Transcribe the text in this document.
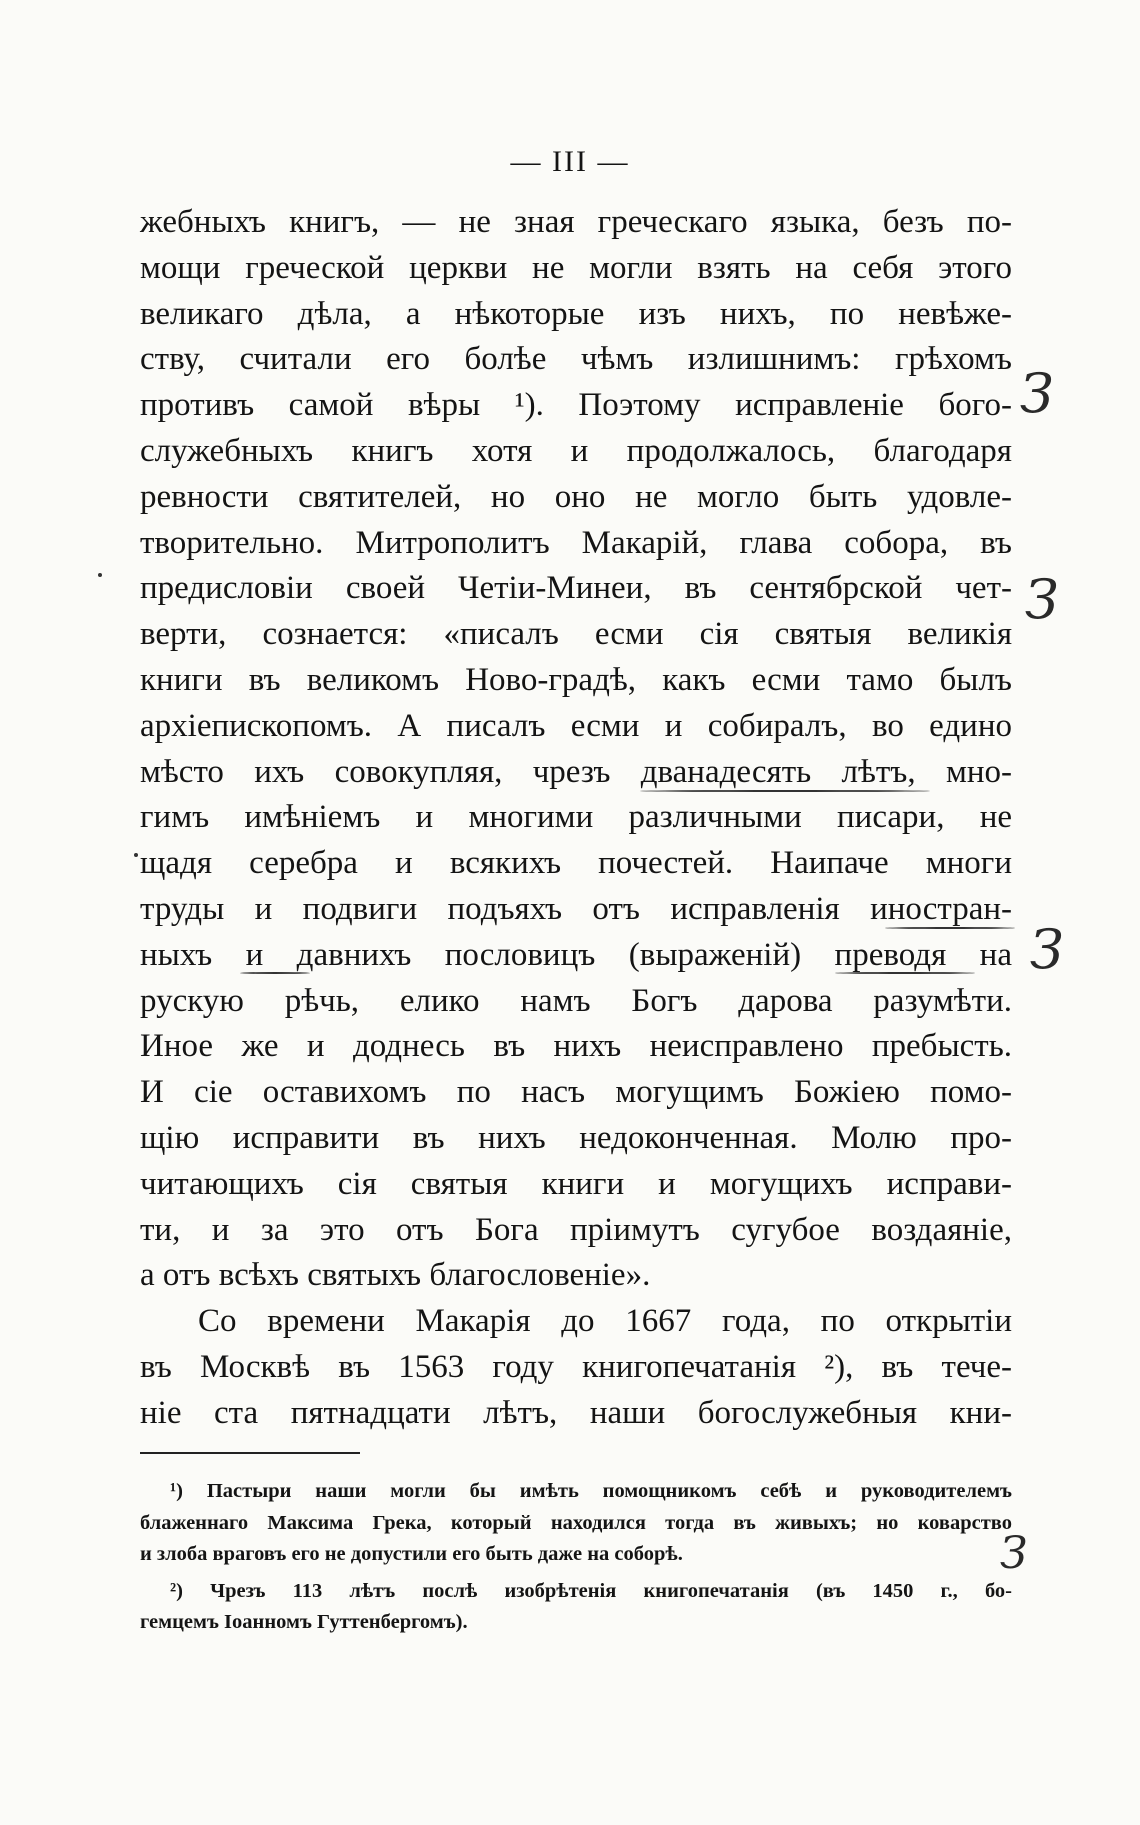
— III —
жебныхъ книгъ, — не зная греческаго языка, безъ по-
мощи греческой церкви не могли взять на себя этого
великаго дѣла, а нѣкоторые изъ нихъ, по невѣже-
ству, считали его болѣе чѣмъ излишнимъ: грѣхомъ
противъ самой вѣры ¹). Поэтому исправленіе бого-
служебныхъ книгъ хотя и продолжалось, благодаря
ревности святителей, но оно не могло быть удовле-
творительно. Митрополитъ Макарій, глава собора, въ
предисловіи своей Четіи-Минеи, въ сентябрской чет-
верти, сознается: «писалъ есми сія святыя великія
книги въ великомъ Ново-градѣ, какъ есми тамо былъ
архіепископомъ. А писалъ есми и собиралъ, во едино
мѣсто ихъ совокупляя, чрезъ дванадесять лѣтъ, мно-
гимъ имѣніемъ и многими различными писари, не
щадя серебра и всякихъ почестей. Наипаче многи
труды и подвиги подъяхъ отъ исправленія иностран-
ныхъ и давнихъ пословицъ (выраженій) преводя на
рускую рѣчь, елико намъ Богъ дарова разумѣти.
Иное же и доднесь въ нихъ неисправлено пребысть.
И сіе оставихомъ по насъ могущимъ Божіею помо-
щію исправити въ нихъ недоконченная. Молю про-
читающихъ сія святыя книги и могущихъ исправи-
ти, и за это отъ Бога пріимутъ сугубое воздаяніе,
а отъ всѣхъ святыхъ благословеніе».
Со времени Макарія до 1667 года, по открытіи
въ Москвѣ въ 1563 году книгопечатанія ²), въ тече-
ніе ста пятнадцати лѣтъ, наши богослужебныя кни-
¹) Пастыри наши могли бы имѣть помощникомъ себѣ и руководителемъ
блаженнаго Максима Грека, который находился тогда въ живыхъ; но коварство
и злоба враговъ его не допустили его быть даже на соборѣ.
²) Чрезъ 113 лѣтъ послѣ изобрѣтенія книгопечатанія (въ 1450 г., бо-
гемцемъ Іоанномъ Гуттенбергомъ).
З
З
З
З
